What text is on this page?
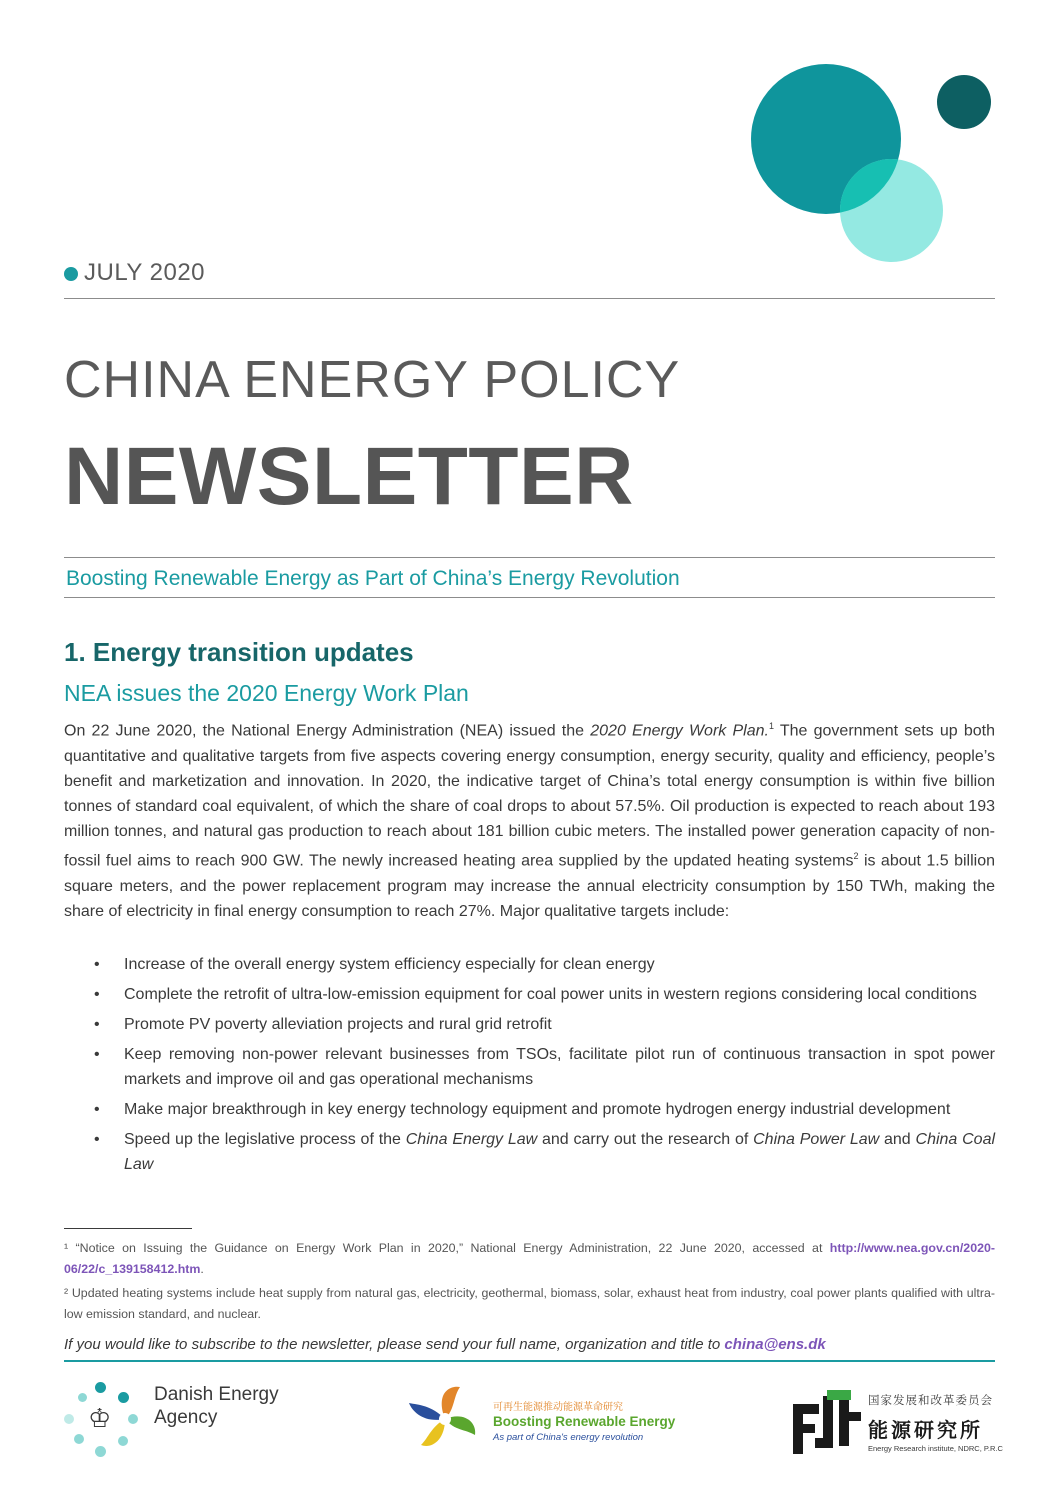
JULY 2020
CHINA ENERGY POLICY
NEWSLETTER
Boosting Renewable Energy as Part of China’s Energy Revolution
1. Energy transition updates
NEA issues the 2020 Energy Work Plan
On 22 June 2020, the National Energy Administration (NEA) issued the 2020 Energy Work Plan.$^1$ The government sets up both quantitative and qualitative targets from five aspects covering energy consumption, energy security, quality and efficiency, people’s benefit and marketization and innovation. In 2020, the indicative target of China’s total energy consumption is within five billion tonnes of standard coal equivalent, of which the share of coal drops to about 57.5%. Oil production is expected to reach about 193 million tonnes, and natural gas production to reach about 181 billion cubic meters. The installed power generation capacity of non-fossil fuel aims to reach 900 GW. The newly increased heating area supplied by the updated heating systems$^2$ is about 1.5 billion square meters, and the power replacement program may increase the annual electricity consumption by 150 TWh, making the share of electricity in final energy consumption to reach 27%. Major qualitative targets include:
• Increase of the overall energy system efficiency especially for clean energy
• Complete the retrofit of ultra-low-emission equipment for coal power units in western regions considering local conditions
• Promote PV poverty alleviation projects and rural grid retrofit
• Keep removing non-power relevant businesses from TSOs, facilitate pilot run of continuous transaction in spot power markets and improve oil and gas operational mechanisms
• Make major breakthrough in key energy technology equipment and promote hydrogen energy industrial development
• Speed up the legislative process of the China Energy Law and carry out the research of China Power Law and China Coal Law
¹ “Notice on Issuing the Guidance on Energy Work Plan in 2020,” National Energy Administration, 22 June 2020, accessed at http://www.nea.gov.cn/2020-06/22/c_139158412.htm.
² Updated heating systems include heat supply from natural gas, electricity, geothermal, biomass, solar, exhaust heat from industry, coal power plants qualified with ultra-low emission standard, and nuclear.
If you would like to subscribe to the newsletter, please send your full name, organization and title to china@ens.dk
♔
Danish Energy
Agency	可再生能源推动能源革命研究
Boosting Renewable Energy
As part of China's energy revolution
国家发展和改革委员会
能源研究所
Energy Research institute, NDRC, P.R.C
